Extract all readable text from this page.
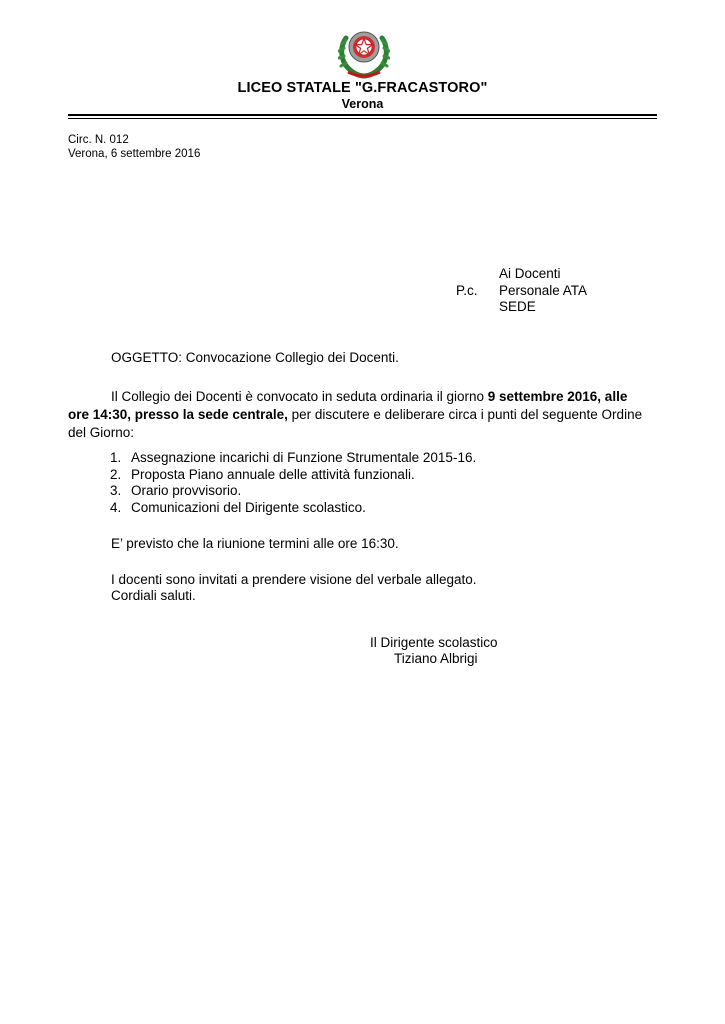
LICEO STATALE "G.FRACASTORO"
Verona
Circ. N. 012
Verona, 6 settembre 2016
Ai Docenti
P.c. Personale ATA
SEDE
OGGETTO: Convocazione Collegio dei Docenti.
Il Collegio dei Docenti è convocato in seduta ordinaria il giorno 9 settembre 2016, alle ore 14:30, presso la sede centrale, per discutere e deliberare circa i punti del seguente Ordine del Giorno:
1. Assegnazione incarichi di Funzione Strumentale 2015-16.
2. Proposta Piano annuale delle attività funzionali.
3. Orario provvisorio.
4. Comunicazioni del Dirigente scolastico.
E’ previsto che la riunione termini alle ore 16:30.
I docenti sono invitati a prendere visione del verbale allegato.
Cordiali saluti.
Il Dirigente scolastico
Tiziano Albrigi
